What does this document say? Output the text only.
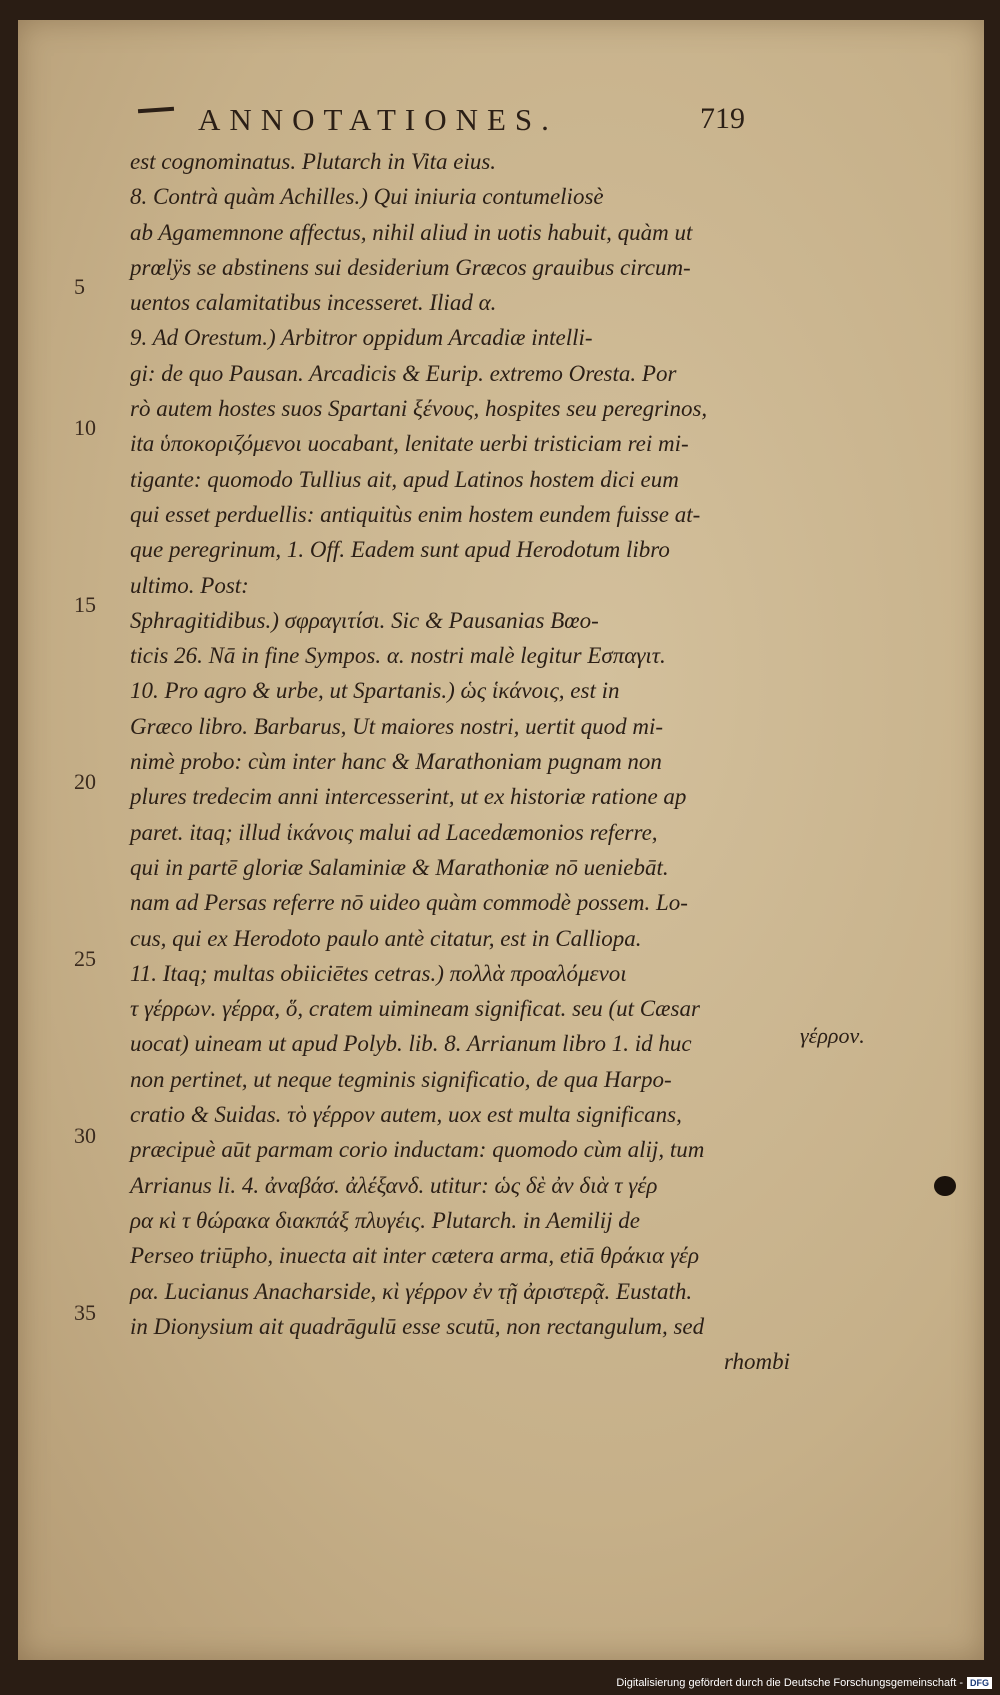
ANNOTATIONES.	719
est cognominatus. Plutarch in Vita eius.
8. Contrà quàm Achilles.) Qui iniuria contumeliosè
ab Agamemnone affectus, nihil aliud in uotis habuit, quàm ut
prœlÿs se abstinens sui desiderium Græcos grauibus circum-
uentos calamitatibus incesseret. Iliad α.
9. Ad Orestum.) Arbitror oppidum Arcadiæ intelli-
gi: de quo Pausan. Arcadicis & Eurip. extremo Oresta. Por
rò autem hostes suos Spartani ξένους, hospites seu peregrinos,
ita ὑποκοριζόμενοι uocabant, lenitate uerbi tristiciam rei mi-
tigante: quomodo Tullius ait, apud Latinos hostem dici eum
qui esset perduellis: antiquitùs enim hostem eundem fuisse at-
que peregrinum, 1. Off. Eadem sunt apud Herodotum libro
ultimo. Post:
Sphragitidibus.) σφραγιτίσι. Sic & Pausanias Bœo-
ticis 26. Nā in fine Sympos. α. nostri malè legitur Εσπαγιτ.
10. Pro agro & urbe, ut Spartanis.) ὡς ἱκάνοις, est in
Græco libro. Barbarus, Ut maiores nostri, uertit quod mi-
nimè probo: cùm inter hanc & Marathoniam pugnam non
plures tredecim anni intercesserint, ut ex historiæ ratione ap
paret. itaq; illud ἱκάνοις malui ad Lacedæmonios referre,
qui in partē gloriæ Salaminiæ & Marathoniæ nō ueniebāt.
nam ad Persas referre nō uideo quàm commodè possem. Lo-
cus, qui ex Herodoto paulo antè citatur, est in Calliopa.
11. Itaq; multas obiiciētes cetras.) πολλὰ προαλόμενοι
τ γέρρων. γέρρα, ὅ, cratem uimineam significat. seu (ut Cæsar
uocat) uineam ut apud Polyb. lib. 8. Arrianum libro 1. id huc
non pertinet, ut neque tegminis significatio, de qua Harpo-
cratio & Suidas. τὸ γέρρον autem, uox est multa significans,
præcipuè aūt parmam corio inductam: quomodo cùm alij, tum
Arrianus li. 4. ἀναβάσ. ἀλέξανδ. utitur: ὡς δὲ ἀν διὰ τ γέρ
ρα κὶ τ θώρακα διακπάξ πλυγέις. Plutarch. in Aemilij de
Perseo triūpho, inuecta ait inter cætera arma, etiā θράκια γέρ
ρα. Lucianus Anacharside, κὶ γέρρον ἐν τῇ ἀριστερᾷ. Eustath.
in Dionysium ait quadrāgulū esse scutū, non rectangulum, sed
rhombi
5
10
15
20
25
30
35
γέρρον.
Digitalisierung gefördert durch die Deutsche Forschungsgemeinschaft - DFG
